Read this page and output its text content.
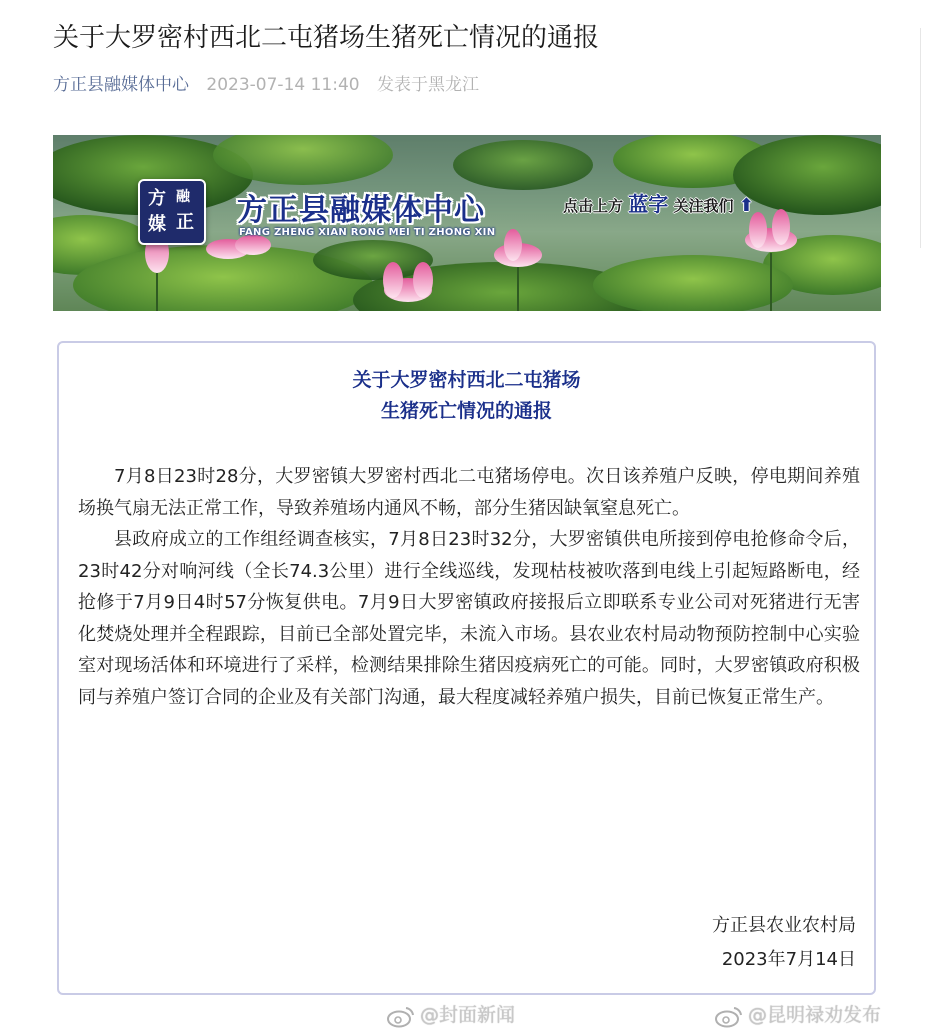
关于大罗密村西北二屯猪场生猪死亡情况的通报
方正县融媒体中心 2023-07-14 11:40 发表于黑龙江
方 融
媒 正 方正县融媒体中心
FANG ZHENG XIAN RONG MEI TI ZHONG XIN
点击上方 蓝字 关注我们 ⬆
关于大罗密村西北二屯猪场
生猪死亡情况的通报

7月8日23时28分，大罗密镇大罗密村西北二屯猪场停电。次日该养殖户反映，停电期间养殖场换气扇无法正常工作，导致养殖场内通风不畅，部分生猪因缺氧窒息死亡。

县政府成立的工作组经调查核实，7月8日23时32分，大罗密镇供电所接到停电抢修命令后，23时42分对响河线（全长74.3公里）进行全线巡线，发现枯枝被吹落到电线上引起短路断电，经抢修于7月9日4时57分恢复供电。7月9日大罗密镇政府接报后立即联系专业公司对死猪进行无害化焚烧处理并全程跟踪，目前已全部处置完毕，未流入市场。县农业农村局动物预防控制中心实验室对现场活体和环境进行了采样，检测结果排除生猪因疫病死亡的可能。同时，大罗密镇政府积极同与养殖户签订合同的企业及有关部门沟通，最大程度减轻养殖户损失，目前已恢复正常生产。

方正县农业农村局
2023年7月14日
@封面新闻	@昆明禄劝发布
